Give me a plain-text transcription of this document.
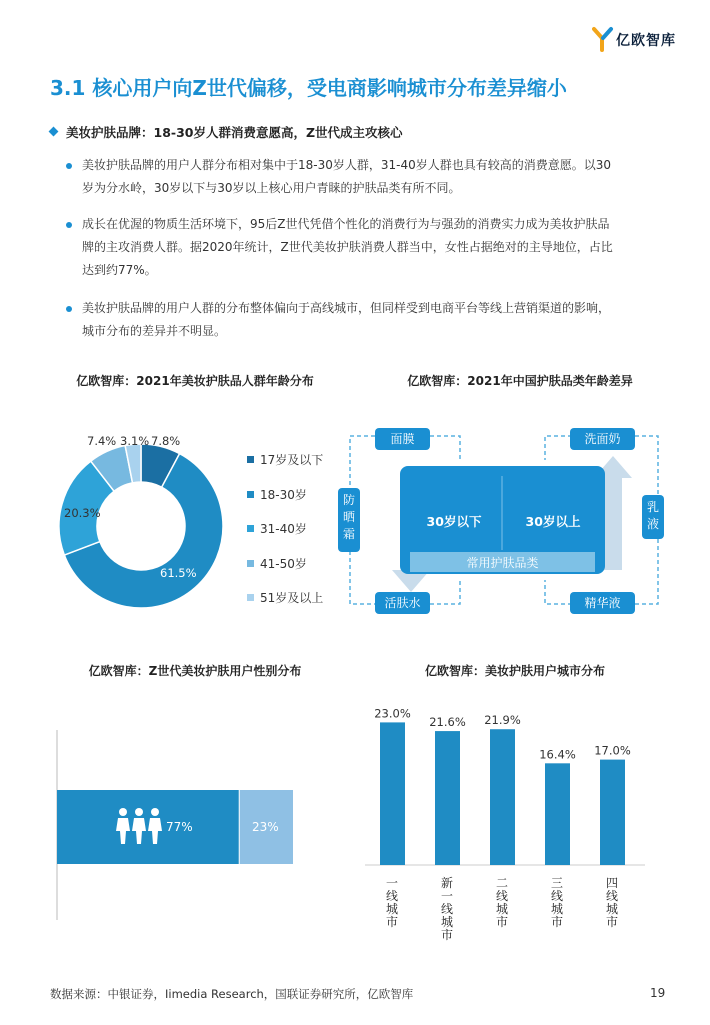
亿欧智库
3.1 核心用户向Z世代偏移，受电商影响城市分布差异缩小
美妆护肤品牌：18-30岁人群消费意愿高，Z世代成主攻核心
美妆护肤品牌的用户人群分布相对集中于18-30岁人群，31-40岁人群也具有较高的消费意愿。以30
岁为分水岭，30岁以下与30岁以上核心用户青睐的护肤品类有所不同。
成长在优渥的物质生活环境下，95后Z世代凭借个性化的消费行为与强劲的消费实力成为美妆护肤品
牌的主攻消费人群。据2020年统计，Z世代美妆护肤消费人群当中，女性占据绝对的主导地位，占比
达到约77%。
美妆护肤品牌的用户人群的分布整体偏向于高线城市，但同样受到电商平台等线上营销渠道的影响，
城市分布的差异并不明显。
亿欧智库：2021年美妆护肤品人群年龄分布
7.4% 3.1% 7.8%
20.3%
61.5%
17岁及以下
18-30岁
31-40岁
41-50岁
51岁及以上
亿欧智库：2021年中国护肤品类年龄差异
面膜
活肤水
洗面奶
精华液
防晒霜
乳液
30岁以下	30岁以上
常用护肤品类
亿欧智库：Z世代美妆护肤用户性别分布
77%	23%
亿欧智库：美妆护肤用户城市分布
23.0%
21.6% 21.9%
16.4% 17.0%
一线城市
新一线城市
二线城市
三线城市
四线城市
数据来源：中银证券，Iimedia Research，国联证券研究所，亿欧智库	19
